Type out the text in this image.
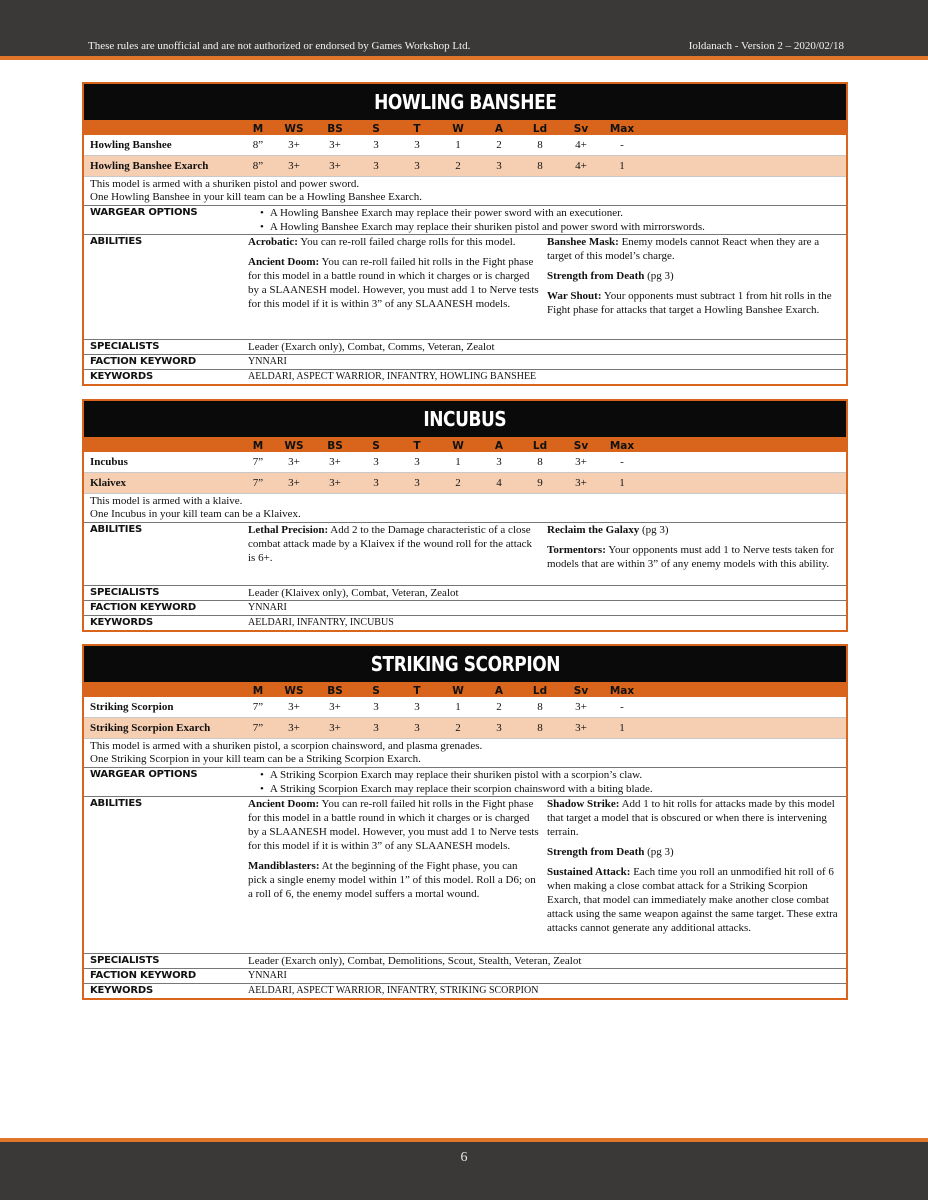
These rules are unofficial and are not authorized or endorsed by Games Workshop Ltd.	Ioldanach - Version 2 – 2020/02/18
HOWLING BANSHEE
M	WS	BS	S	T	W	A	Ld	Sv	Max
Howling Banshee	8”	3+	3+	3	3	1	2	8	4+	-
Howling Banshee Exarch	8”	3+	3+	3	3	2	3	8	4+	1
This model is armed with a shuriken pistol and power sword.
One Howling Banshee in your kill team can be a Howling Banshee Exarch.
WARGEAR OPTIONS	• A Howling Banshee Exarch may replace their power sword with an executioner.
• A Howling Banshee Exarch may replace their shuriken pistol and power sword with mirrorswords.
ABILITIES	Acrobatic: You can re-roll failed charge rolls for this model.

Ancient Doom: You can re-roll failed hit rolls in the Fight phase for this model in a battle round in which it charges or is charged by a SLAANESH model. However, you must add 1 to Nerve tests for this model if it is within 3” of any SLAANESH models.

Banshee Mask: Enemy models cannot React when they are a target of this model’s charge.

Strength from Death (pg 3)

War Shout: Your opponents must subtract 1 from hit rolls in the Fight phase for attacks that target a Howling Banshee Exarch.

SPECIALISTS	Leader (Exarch only), Combat, Comms, Veteran, Zealot
FACTION KEYWORD	YNNARI
KEYWORDS	AELDARI, ASPECT WARRIOR, INFANTRY, HOWLING BANSHEE
INCUBUS
M	WS	BS	S	T	W	A	Ld	Sv	Max
Incubus	7”	3+	3+	3	3	1	3	8	3+	-
Klaivex	7”	3+	3+	3	3	2	4	9	3+	1
This model is armed with a klaive.
One Incubus in your kill team can be a Klaivex.
ABILITIES	Lethal Precision: Add 2 to the Damage characteristic of a close combat attack made by a Klaivex if the wound roll for the attack is 6+.

Reclaim the Galaxy (pg 3)

Tormentors: Your opponents must add 1 to Nerve tests taken for models that are within 3” of any enemy models with this ability.

SPECIALISTS	Leader (Klaivex only), Combat, Veteran, Zealot
FACTION KEYWORD	YNNARI
KEYWORDS	AELDARI, INFANTRY, INCUBUS
STRIKING SCORPION
M	WS	BS	S	T	W	A	Ld	Sv	Max
Striking Scorpion	7”	3+	3+	3	3	1	2	8	3+	-
Striking Scorpion Exarch	7”	3+	3+	3	3	2	3	8	3+	1
This model is armed with a shuriken pistol, a scorpion chainsword, and plasma grenades.
One Striking Scorpion in your kill team can be a Striking Scorpion Exarch.
WARGEAR OPTIONS	• A Striking Scorpion Exarch may replace their shuriken pistol with a scorpion’s claw.
• A Striking Scorpion Exarch may replace their scorpion chainsword with a biting blade.
ABILITIES	Ancient Doom: You can re-roll failed hit rolls in the Fight phase for this model in a battle round in which it charges or is charged by a SLAANESH model. However, you must add 1 to Nerve tests for this model if it is within 3” of any SLAANESH models.

Mandiblasters: At the beginning of the Fight phase, you can pick a single enemy model within 1” of this model. Roll a D6; on a roll of 6, the enemy model suffers a mortal wound.

Shadow Strike: Add 1 to hit rolls for attacks made by this model that target a model that is obscured or when there is intervening terrain.

Strength from Death (pg 3)

Sustained Attack: Each time you roll an unmodified hit roll of 6 when making a close combat attack for a Striking Scorpion Exarch, that model can immediately make another close combat attack using the same weapon against the same target. These extra attacks cannot generate any additional attacks.

SPECIALISTS	Leader (Exarch only), Combat, Demolitions, Scout, Stealth, Veteran, Zealot
FACTION KEYWORD	YNNARI
KEYWORDS	AELDARI, ASPECT WARRIOR, INFANTRY, STRIKING SCORPION
6
